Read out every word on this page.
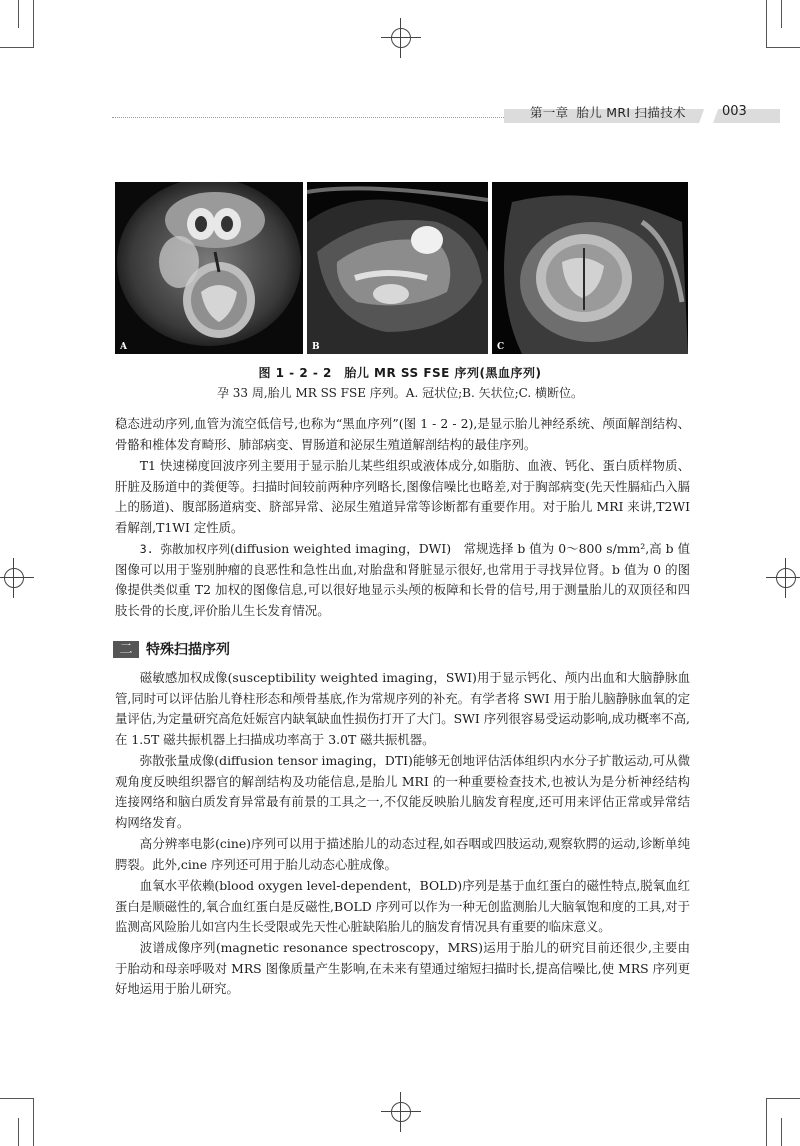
第一章 胎儿 MRI 扫描技术	003
A	B	C
图 1 - 2 - 2　胎儿 MR SS FSE 序列(黑血序列)
孕 33 周,胎儿 MR SS FSE 序列。A. 冠状位;B. 矢状位;C. 横断位。
稳态进动序列,血管为流空低信号,也称为“黑血序列”(图 1 - 2 - 2),是显示胎儿神经系统、颅面解剖结构、骨骼和椎体发育畸形、肺部病变、胃肠道和泌尿生殖道解剖结构的最佳序列。
T1 快速梯度回波序列主要用于显示胎儿某些组织或液体成分,如脂肪、血液、钙化、蛋白质样物质、肝脏及肠道中的粪便等。扫描时间较前两种序列略长,图像信噪比也略差,对于胸部病变(先天性膈疝凸入膈上的肠道)、腹部肠道病变、脐部异常、泌尿生殖道异常等诊断都有重要作用。对于胎儿 MRI 来讲,T2WI 看解剖,T1WI 定性质。
3. 弥散加权序列(diffusion weighted imaging，DWI)　常规选择 b 值为 0～800 s/mm²,高 b 值图像可以用于鉴别肿瘤的良恶性和急性出血,对胎盘和肾脏显示很好,也常用于寻找异位肾。b 值为 0 的图像提供类似重 T2 加权的图像信息,可以很好地显示头颅的板障和长骨的信号,用于测量胎儿的双顶径和四肢长骨的长度,评价胎儿生长发育情况。
二 特殊扫描序列
磁敏感加权成像(susceptibility weighted imaging，SWI)用于显示钙化、颅内出血和大脑静脉血管,同时可以评估胎儿脊柱形态和颅骨基底,作为常规序列的补充。有学者将 SWI 用于胎儿脑静脉血氧的定量评估,为定量研究高危妊娠宫内缺氧缺血性损伤打开了大门。SWI 序列很容易受运动影响,成功概率不高,在 1.5T 磁共振机器上扫描成功率高于 3.0T 磁共振机器。
弥散张量成像(diffusion tensor imaging，DTI)能够无创地评估活体组织内水分子扩散运动,可从微观角度反映组织器官的解剖结构及功能信息,是胎儿 MRI 的一种重要检查技术,也被认为是分析神经结构连接网络和脑白质发育异常最有前景的工具之一,不仅能反映胎儿脑发育程度,还可用来评估正常或异常结构网络发育。
高分辨率电影(cine)序列可以用于描述胎儿的动态过程,如吞咽或四肢运动,观察软腭的运动,诊断单纯腭裂。此外,cine 序列还可用于胎儿动态心脏成像。
血氧水平依赖(blood oxygen level-dependent，BOLD)序列是基于血红蛋白的磁性特点,脱氧血红蛋白是顺磁性的,氧合血红蛋白是反磁性,BOLD 序列可以作为一种无创监测胎儿大脑氧饱和度的工具,对于监测高风险胎儿如宫内生长受限或先天性心脏缺陷胎儿的脑发育情况具有重要的临床意义。
波谱成像序列(magnetic resonance spectroscopy，MRS)运用于胎儿的研究目前还很少,主要由于胎动和母亲呼吸对 MRS 图像质量产生影响,在未来有望通过缩短扫描时长,提高信噪比,使 MRS 序列更好地运用于胎儿研究。
